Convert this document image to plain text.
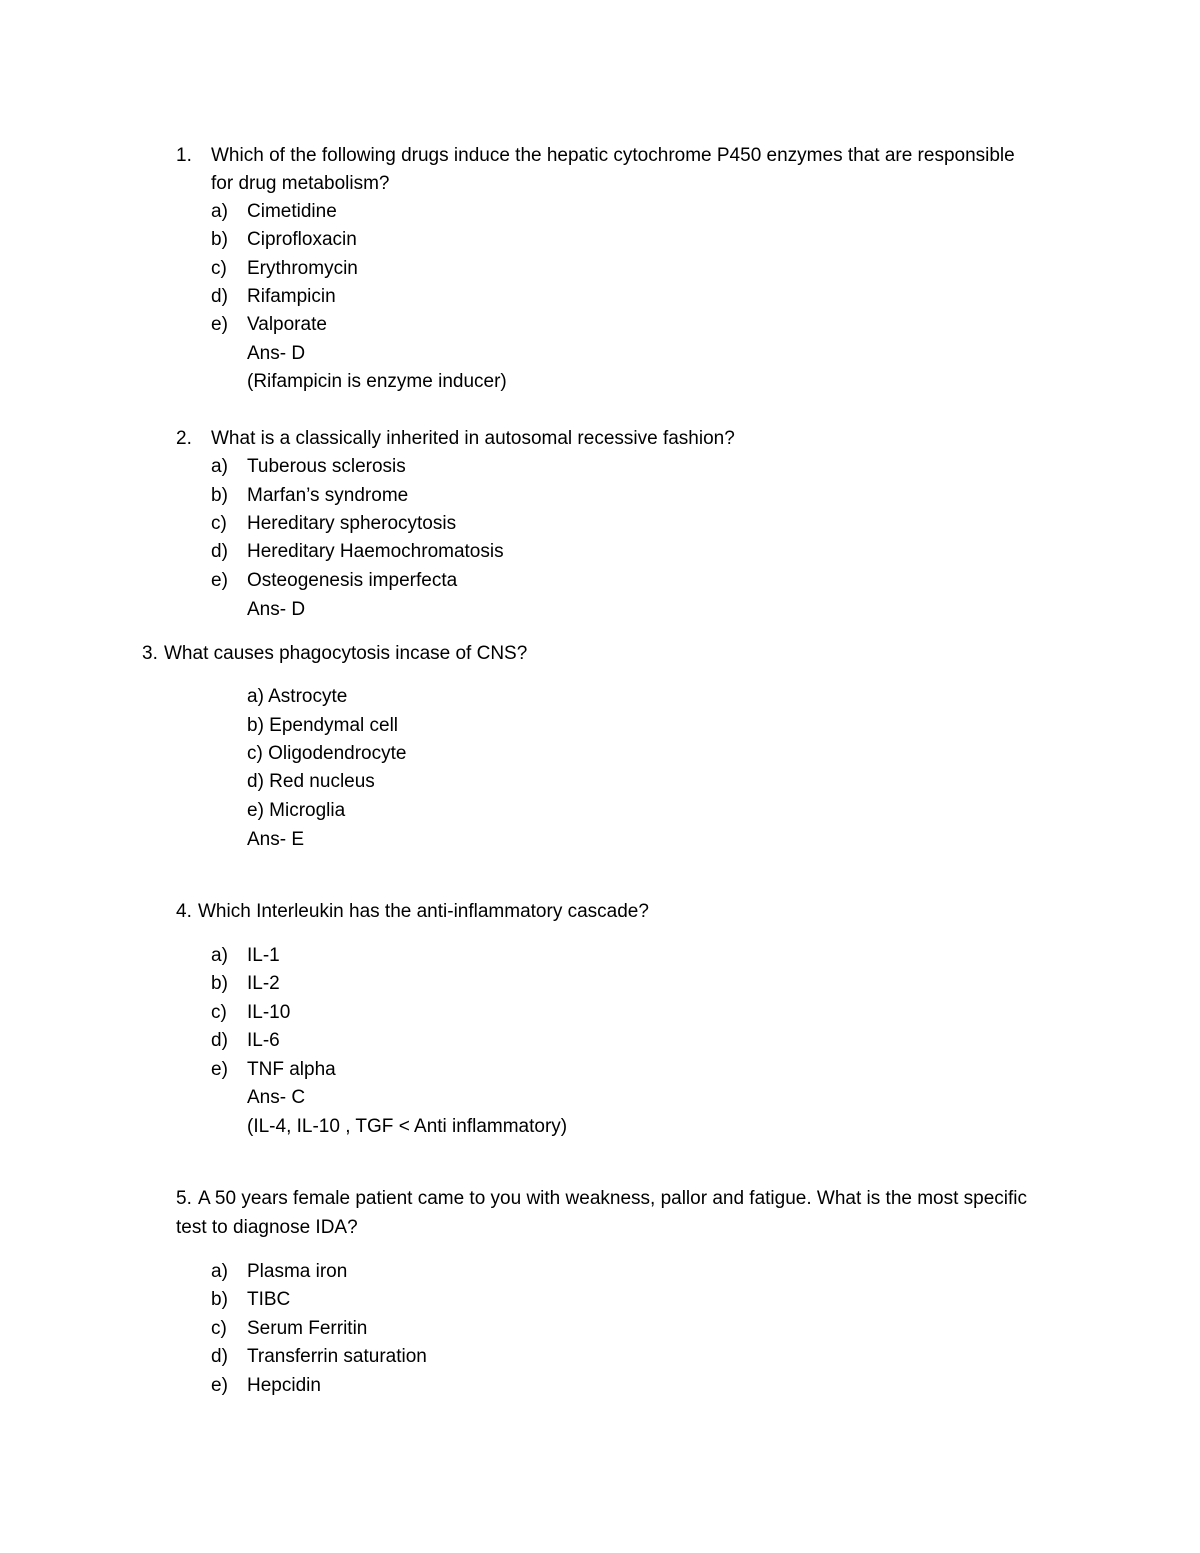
1. Which of the following drugs induce the hepatic cytochrome P450 enzymes that are responsible
for drug metabolism?
a) Cimetidine
b) Ciprofloxacin
c) Erythromycin
d) Rifampicin
e) Valporate
Ans- D
(Rifampicin is enzyme inducer)
2. What is a classically inherited in autosomal recessive fashion?
a) Tuberous sclerosis
b) Marfan’s syndrome
c) Hereditary spherocytosis
d) Hereditary Haemochromatosis
e) Osteogenesis imperfecta
Ans- D
3. What causes phagocytosis incase of CNS?
a) Astrocyte
b) Ependymal cell
c) Oligodendrocyte
d) Red nucleus
e) Microglia
Ans- E
4. Which Interleukin has the anti-inflammatory cascade?
a) IL-1
b) IL-2
c) IL-10
d) IL-6
e) TNF alpha
Ans- C
(IL-4, IL-10 , TGF < Anti inflammatory)
5. A 50 years female patient came to you with weakness, pallor and fatigue. What is the most specific
test to diagnose IDA?
a) Plasma iron
b) TIBC
c) Serum Ferritin
d) Transferrin saturation
e) Hepcidin
